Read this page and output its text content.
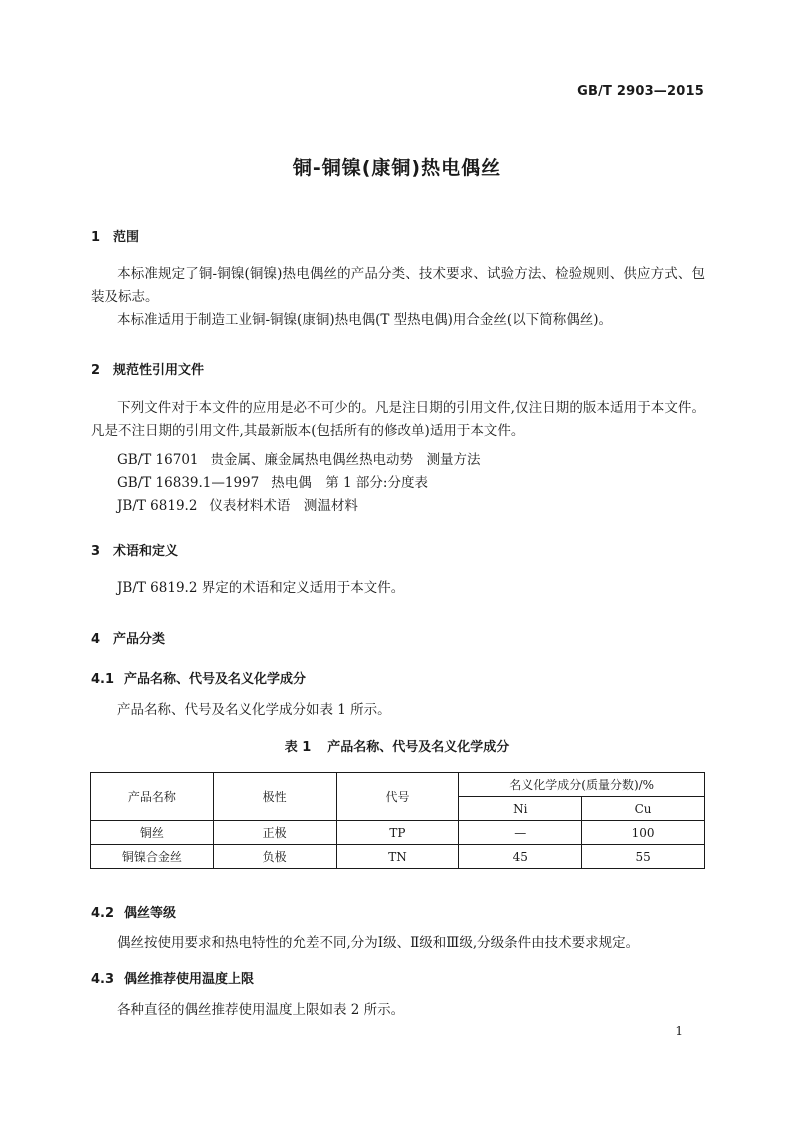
GB/T 2903—2015
铜-铜镍(康铜)热电偶丝
1 范围
本标准规定了铜-铜镍(铜镍)热电偶丝的产品分类、技术要求、试验方法、检验规则、供应方式、包装及标志。
本标准适用于制造工业铜-铜镍(康铜)热电偶(T 型热电偶)用合金丝(以下简称偶丝)。
2 规范性引用文件
下列文件对于本文件的应用是必不可少的。凡是注日期的引用文件,仅注日期的版本适用于本文件。凡是不注日期的引用文件,其最新版本(包括所有的修改单)适用于本文件。
GB/T 16701 贵金属、廉金属热电偶丝热电动势　测量方法
GB/T 16839.1—1997 热电偶　第 1 部分:分度表
JB/T 6819.2 仪表材料术语　测温材料
3 术语和定义
JB/T 6819.2 界定的术语和定义适用于本文件。
4 产品分类
4.1 产品名称、代号及名义化学成分
产品名称、代号及名义化学成分如表 1 所示。
表 1 产品名称、代号及名义化学成分
产品名称	极性	代号	名义化学成分(质量分数)/%	
			Ni	Cu
铜丝	正极	TP	—	100
铜镍合金丝	负极	TN	45	55
4.2 偶丝等级
偶丝按使用要求和热电特性的允差不同,分为Ⅰ级、Ⅱ级和Ⅲ级,分级条件由技术要求规定。
4.3 偶丝推荐使用温度上限
各种直径的偶丝推荐使用温度上限如表 2 所示。
1
